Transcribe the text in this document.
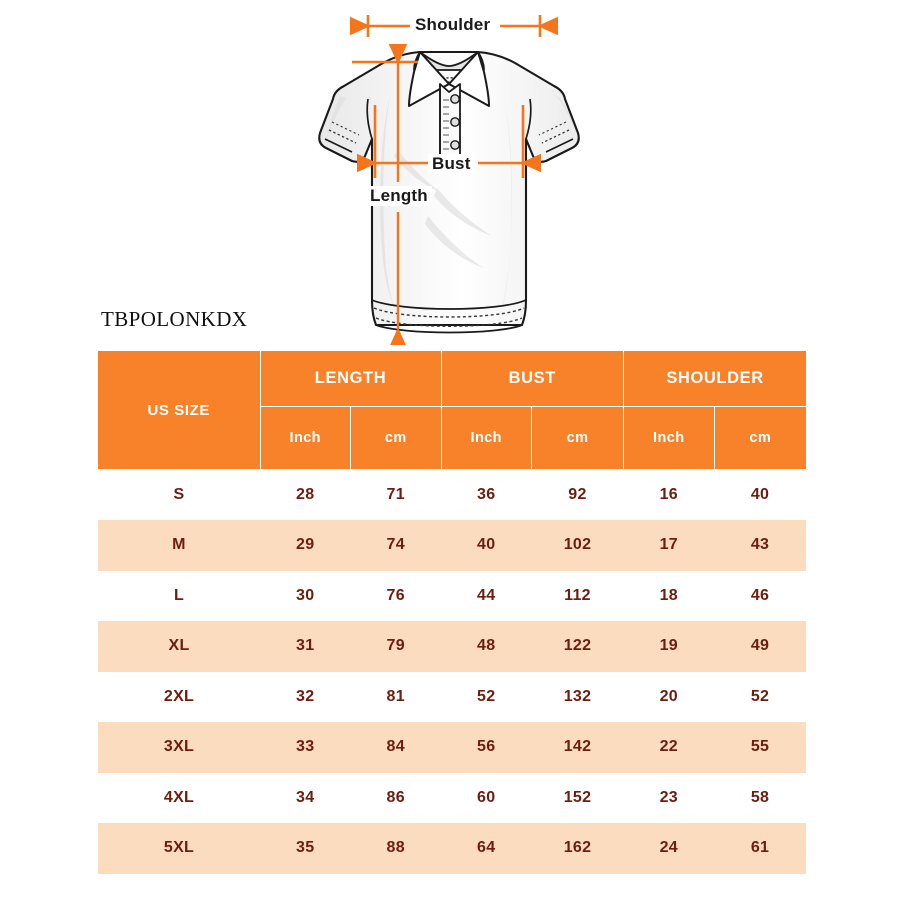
Shoulder
Bust
Length
TBPOLONKDX
US SIZE	LENGTH		BUST		SHOULDER	
	Inch	cm	Inch	cm	Inch	cm
S	28	71	36	92	16	40
M	29	74	40	102	17	43
L	30	76	44	112	18	46
XL	31	79	48	122	19	49
2XL	32	81	52	132	20	52
3XL	33	84	56	142	22	55
4XL	34	86	60	152	23	58
5XL	35	88	64	162	24	61
